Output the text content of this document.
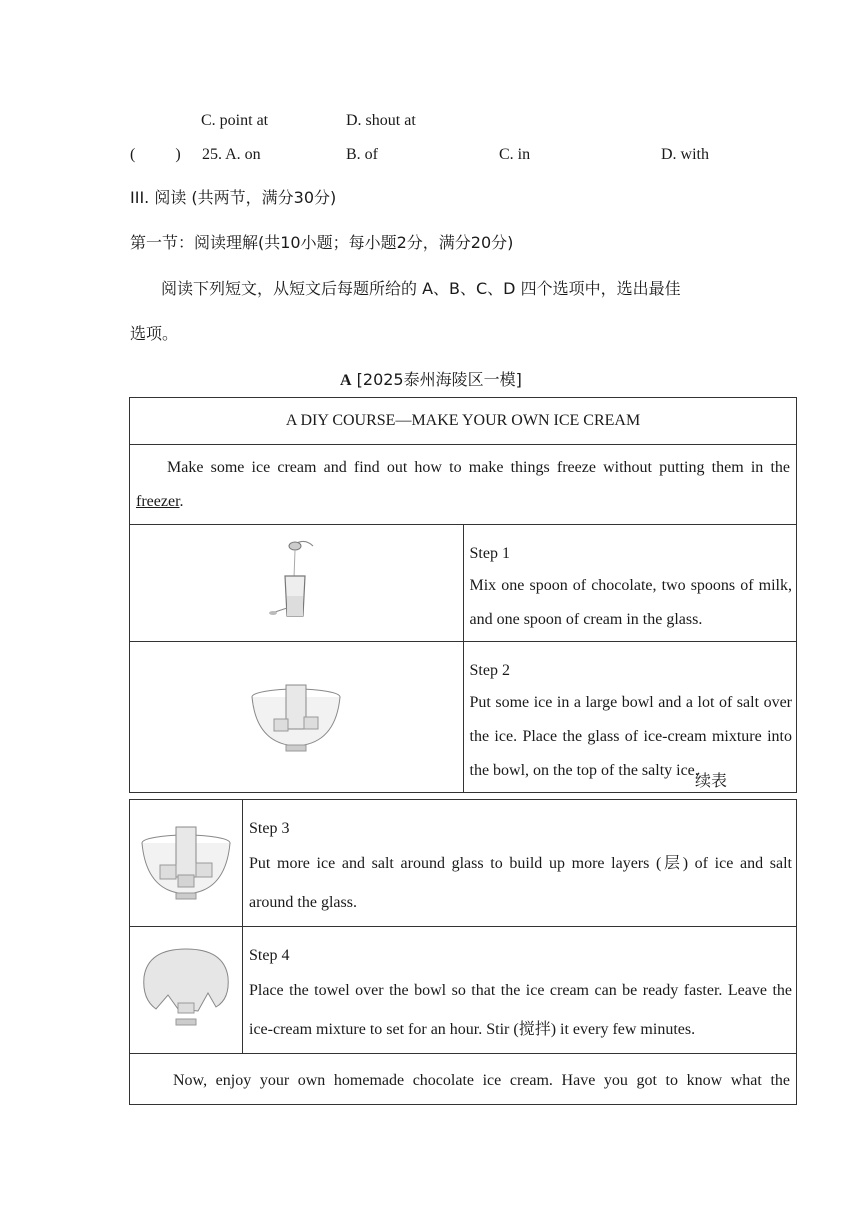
C. point at	D. shout at
(	) 25. A. on	B. of	C. in	D. with
III. 阅读 (共两节，满分30分)
第一节：阅读理解(共10小题；每小题2分，满分20分)
阅读下列短文，从短文后每题所给的 A、B、C、D 四个选项中，选出最佳
选项。
A [2025泰州海陵区一模]
A DIY COURSE—MAKE YOUR OWN ICE CREAM	

Make some ice cream and find out how to make things freeze without putting them in the freezer.	

Step 1
Mix one spoon of chocolate, two spoons of milk, and one spoon of cream in the glass.

Step 2
Put some ice in a large bowl and a lot of salt over the ice. Place the glass of ice-cream mixture into the bowl, on the top of the salty ice.
续表

Step 3
Put more ice and salt around glass to build up more layers (层) of ice and salt around the glass.

Step 4
Place the towel over the bowl so that the ice cream can be ready faster. Leave the ice-cream mixture to set for an hour. Stir (搅拌) it every few minutes.

Now, enjoy your own homemade chocolate ice cream. Have you got to know what the	
